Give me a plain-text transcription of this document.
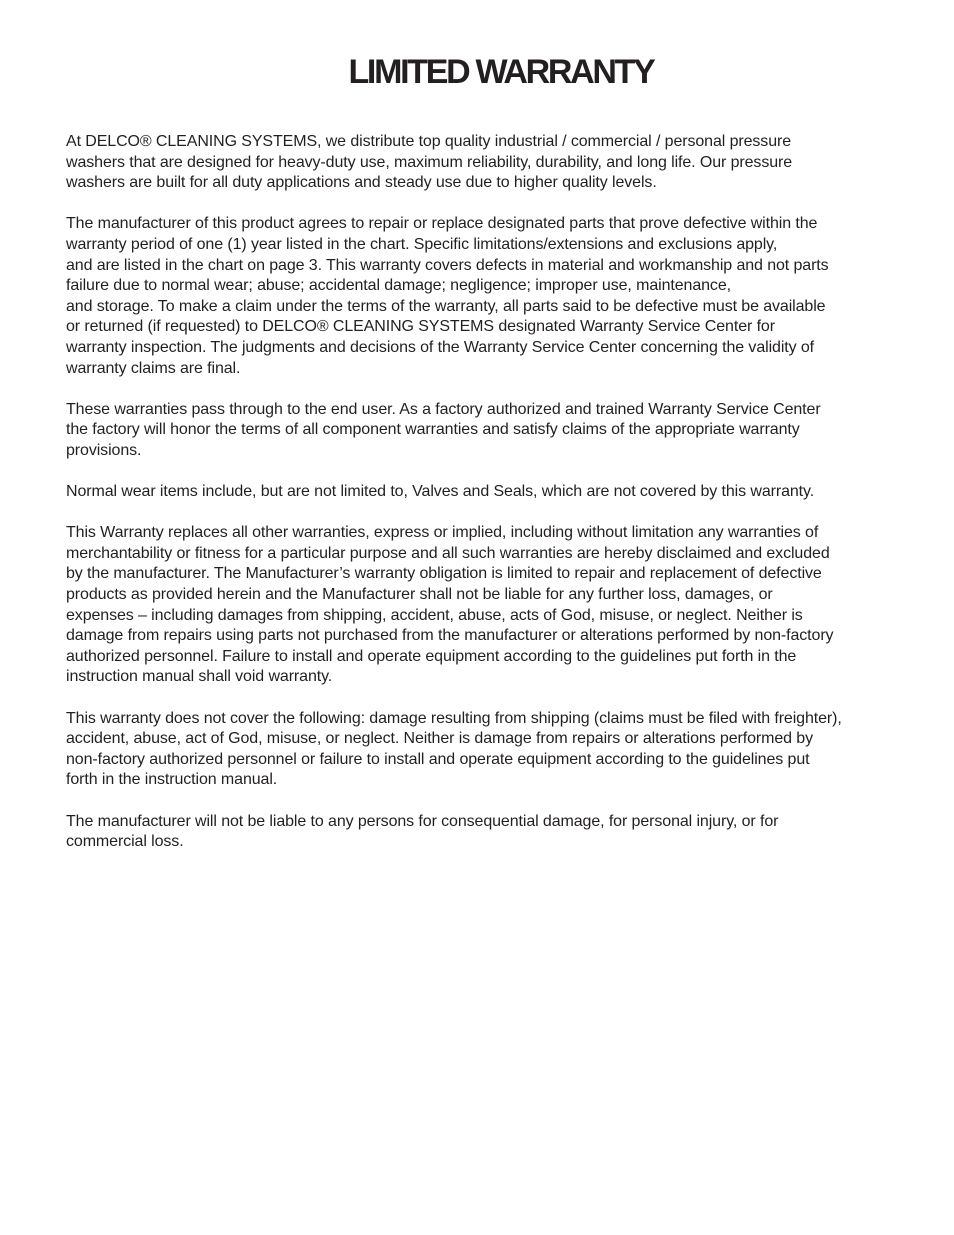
LIMITED WARRANTY

At DELCO® CLEANING SYSTEMS, we distribute top quality industrial / commercial / personal pressure
washers that are designed for heavy-duty use, maximum reliability, durability, and long life. Our pressure
washers are built for all duty applications and steady use due to higher quality levels.

The manufacturer of this product agrees to repair or replace designated parts that prove defective within the
warranty period of one (1) year listed in the chart. Specific limitations/extensions and exclusions apply,
and are listed in the chart on page 3. This warranty covers defects in material and workmanship and not parts
failure due to normal wear; abuse; accidental damage; negligence; improper use, maintenance,
and storage. To make a claim under the terms of the warranty, all parts said to be defective must be available
or returned (if requested) to DELCO® CLEANING SYSTEMS designated Warranty Service Center for
warranty inspection. The judgments and decisions of the Warranty Service Center concerning the validity of
warranty claims are final.

These warranties pass through to the end user. As a factory authorized and trained Warranty Service Center
the factory will honor the terms of all component warranties and satisfy claims of the appropriate warranty
provisions.

Normal wear items include, but are not limited to, Valves and Seals, which are not covered by this warranty.

This Warranty replaces all other warranties, express or implied, including without limitation any warranties of
merchantability or fitness for a particular purpose and all such warranties are hereby disclaimed and excluded
by the manufacturer. The Manufacturer’s warranty obligation is limited to repair and replacement of defective
products as provided herein and the Manufacturer shall not be liable for any further loss, damages, or
expenses – including damages from shipping, accident, abuse, acts of God, misuse, or neglect. Neither is
damage from repairs using parts not purchased from the manufacturer or alterations performed by non-factory
authorized personnel. Failure to install and operate equipment according to the guidelines put forth in the
instruction manual shall void warranty.

This warranty does not cover the following: damage resulting from shipping (claims must be filed with freighter),
accident, abuse, act of God, misuse, or neglect. Neither is damage from repairs or alterations performed by
non-factory authorized personnel or failure to install and operate equipment according to the guidelines put
forth in the instruction manual.

The manufacturer will not be liable to any persons for consequential damage, for personal injury, or for
commercial loss.
